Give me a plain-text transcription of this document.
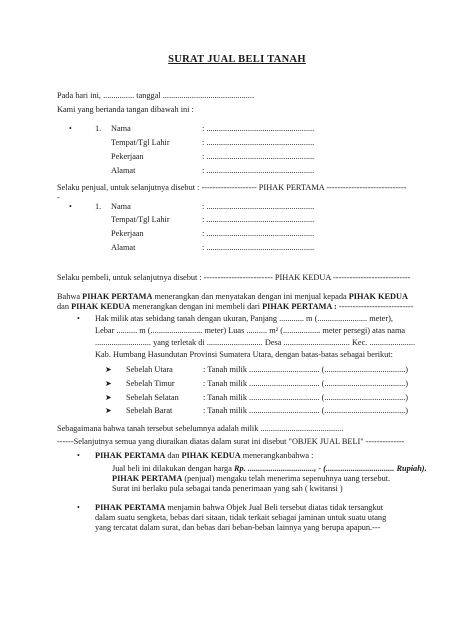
SURAT JUAL BELI TANAH
Pada hari ini, ............... tanggal ............................................
Kami yang bertanda tangan dibawah ini :
•	1. Nama	: ....................................................
Tempat/Tgl Lahir	: ....................................................
Pekerjaan	: ....................................................
Alamat	: ....................................................
Selaku penjual, untuk selanjutnya disebut : -------------------- PIHAK PERTAMA -----------------------------
-
•	1. Nama	: ....................................................
Tempat/Tgl Lahir	: ....................................................
Pekerjaan	: ....................................................
Alamat	: ....................................................
Selaku pembeli, untuk selanjutnya disebut : ------------------------- PIHAK KEDUA ----------------------------
Bahwa PIHAK PERTAMA menerangkan dan menyatakan dengan ini menjual kepada PIHAK KEDUA
dan PIHAK KEDUA menerangkan dengan ini membeli dari PIHAK PERTAMA : ---------------------------
• Hak milik atas sebidang tanah dengan ukuran, Panjang ............ m (........................ meter),
Lebar .......... m (......................... meter) Luas .......... m² (.................. meter persegi) atas nama
........................... yang terletak di ........................... Desa ................................ Kec. ......................
Kab. Humbang Hasundutan Provinsi Sumatera Utara, dengan batas-batas sebagai berikut:
➤ Sebelah Utara	: Tanah milik .................................. (.......................................)
➤ Sebelah Timur	: Tanah milik .................................. (.......................................)
➤ Sebelah Selatan	: Tanah milik .................................. (.......................................)
➤ Sebelah Barat	: Tanah milik .................................. (.......................................)
Sebagaimana bahwa tanah tersebut sebelumnya adalah milik ........................................
------Selanjutnya semua yang diuraikan diatas dalam surat ini disebut "OBJEK JUAL BELI" --------------
• PIHAK PERTAMA dan PIHAK KEDUA menerangkanbahwa :
Jual beli ini dilakukan dengan harga Rp. ................................, - (................................. Rupiah).
PIHAK PERTAMA (penjual) mengaku telah menerima sepenuhnya uang tersebut.
Surat ini berlaku pula sebagai tanda penerimaan yang sah ( kwitansi )
• PIHAK PERTAMA menjamin bahwa Objek Jual Beli tersebut diatas tidak tersangkut
dalam suatu sengketa, bebas dari sitaan, tidak terkait sebagai jaminan untuk suatu utang
yang tercatat dalam surat, dan bebas dari beban-beban lainnya yang berupa apapun.---
